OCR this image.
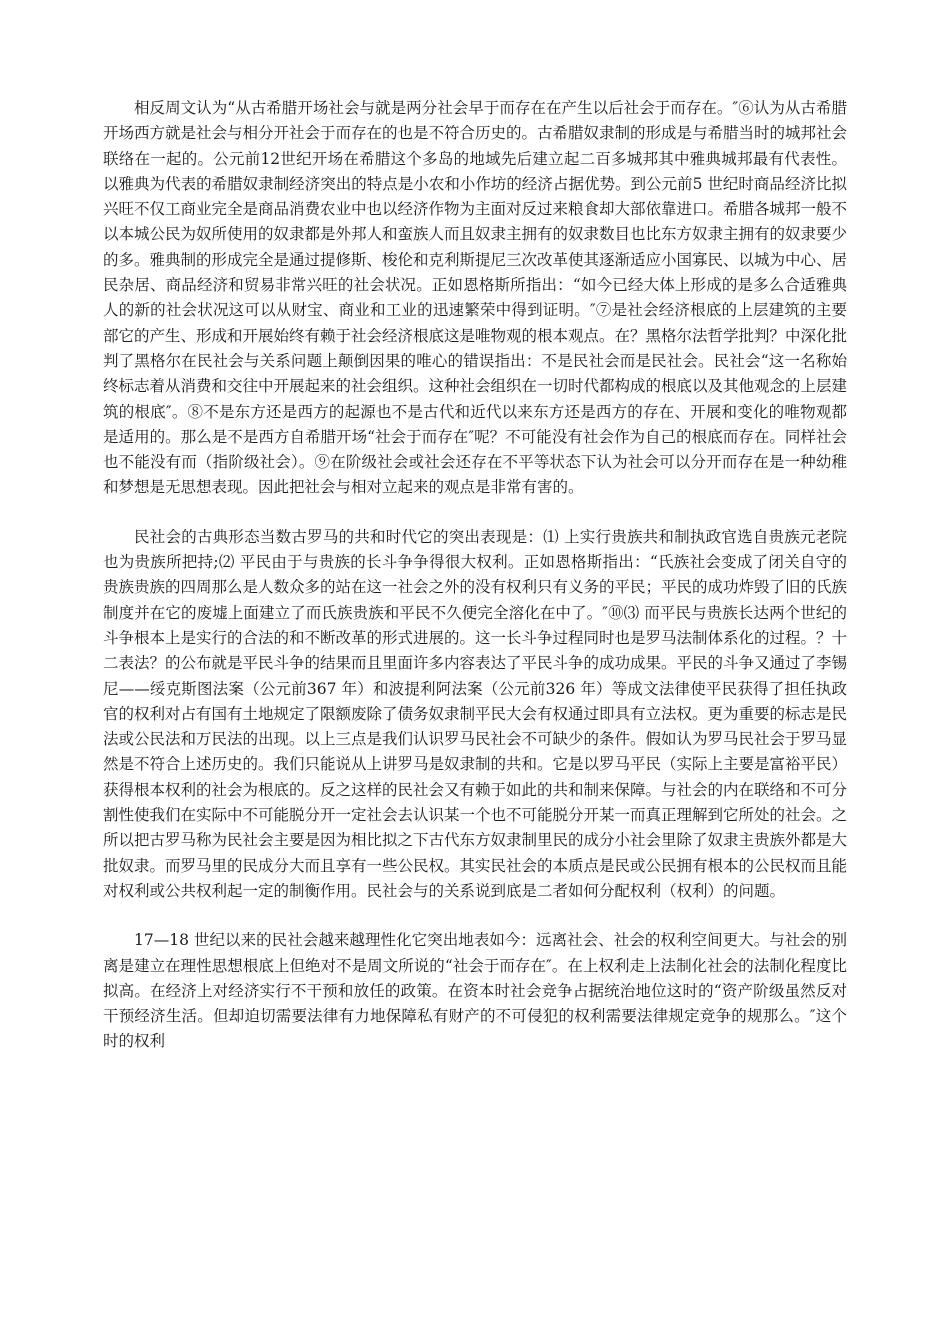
相反周文认为“从古希腊开场社会与就是两分社会早于而存在在产生以后社会于而存在。″⑥认为从古希腊开场西方就是社会与相分开社会于而存在的也是不符合历史的。古希腊奴隶制的形成是与希腊当时的城邦社会联络在一起的。公元前12世纪开场在希腊这个多岛的地域先后建立起二百多城邦其中雅典城邦最有代表性。以雅典为代表的希腊奴隶制经济突出的特点是小农和小作坊的经济占据优势。到公元前5 世纪时商品经济比拟兴旺不仅工商业完全是商品消费农业中也以经济作物为主面对反过来粮食却大部依靠进口。希腊各城邦一般不以本城公民为奴所使用的奴隶都是外邦人和蛮族人而且奴隶主拥有的奴隶数目也比东方奴隶主拥有的奴隶要少的多。雅典制的形成完全是通过提修斯、梭伦和克利斯提尼三次改革使其逐渐适应小国寡民、以城为中心、居民杂居、商品经济和贸易非常兴旺的社会状况。正如恩格斯所指出：“如今已经大体上形成的是多么合适雅典人的新的社会状况这可以从财宝、商业和工业的迅速繁荣中得到证明。″⑦是社会经济根底的上层建筑的主要部它的产生、形成和开展始终有赖于社会经济根底这是唯物观的根本观点。在？黑格尔法哲学批判？中深化批判了黑格尔在民社会与关系问题上颠倒因果的唯心的错误指出：不是民社会而是民社会。民社会“这一名称始终标志着从消费和交往中开展起来的社会组织。这种社会组织在一切时代都构成的根底以及其他观念的上层建筑的根底″。⑧不是东方还是西方的起源也不是古代和近代以来东方还是西方的存在、开展和变化的唯物观都是适用的。那么是不是西方自希腊开场“社会于而存在″呢？不可能没有社会作为自己的根底而存在。同样社会也不能没有而（指阶级社会）。⑨在阶级社会或社会还存在不平等状态下认为社会可以分开而存在是一种幼稚和梦想是无思想表现。因此把社会与相对立起来的观点是非常有害的。

民社会的古典形态当数古罗马的共和时代它的突出表现是：⑴ 上实行贵族共和制执政官选自贵族元老院也为贵族所把持;⑵ 平民由于与贵族的长斗争争得很大权利。正如恩格斯指出：“氏族社会变成了闭关自守的贵族贵族的四周那么是人数众多的站在这一社会之外的没有权利只有义务的平民；平民的成功炸毁了旧的氏族制度并在它的废墟上面建立了而氏族贵族和平民不久便完全溶化在中了。″⑩⑶ 而平民与贵族长达两个世纪的斗争根本上是实行的合法的和不断改革的形式进展的。这一长斗争过程同时也是罗马法制体系化的过程。？十二表法？的公布就是平民斗争的结果而且里面许多内容表达了平民斗争的成功成果。平民的斗争又通过了李锡尼——绥克斯图法案（公元前367 年）和波提利阿法案（公元前326 年）等成文法律使平民获得了担任执政官的权利对占有国有土地规定了限额废除了债务奴隶制平民大会有权通过即具有立法权。更为重要的标志是民法或公民法和万民法的出现。以上三点是我们认识罗马民社会不可缺少的条件。假如认为罗马民社会于罗马显然是不符合上述历史的。我们只能说从上讲罗马是奴隶制的共和。它是以罗马平民（实际上主要是富裕平民）获得根本权利的社会为根底的。反之这样的民社会又有赖于如此的共和制来保障。与社会的内在联络和不可分割性使我们在实际中不可能脱分开一定社会去认识某一个也不可能脱分开某一而真正理解到它所处的社会。之所以把古罗马称为民社会主要是因为相比拟之下古代东方奴隶制里民的成分小社会里除了奴隶主贵族外都是大批奴隶。而罗马里的民成分大而且享有一些公民权。其实民社会的本质点是民或公民拥有根本的公民权而且能对权利或公共权利起一定的制衡作用。民社会与的关系说到底是二者如何分配权利（权利）的问题。

17—18 世纪以来的民社会越来越理性化它突出地表如今：远离社会、社会的权利空间更大。与社会的别离是建立在理性思想根底上但绝对不是周文所说的“社会于而存在″。在上权利走上法制化社会的法制化程度比拟高。在经济上对经济实行不干预和放任的政策。在资本时社会竞争占据统治地位这时的“资产阶级虽然反对干预经济生活。但却迫切需要法律有力地保障私有财产的不可侵犯的权利需要法律规定竞争的规那么。″这个时的权利
